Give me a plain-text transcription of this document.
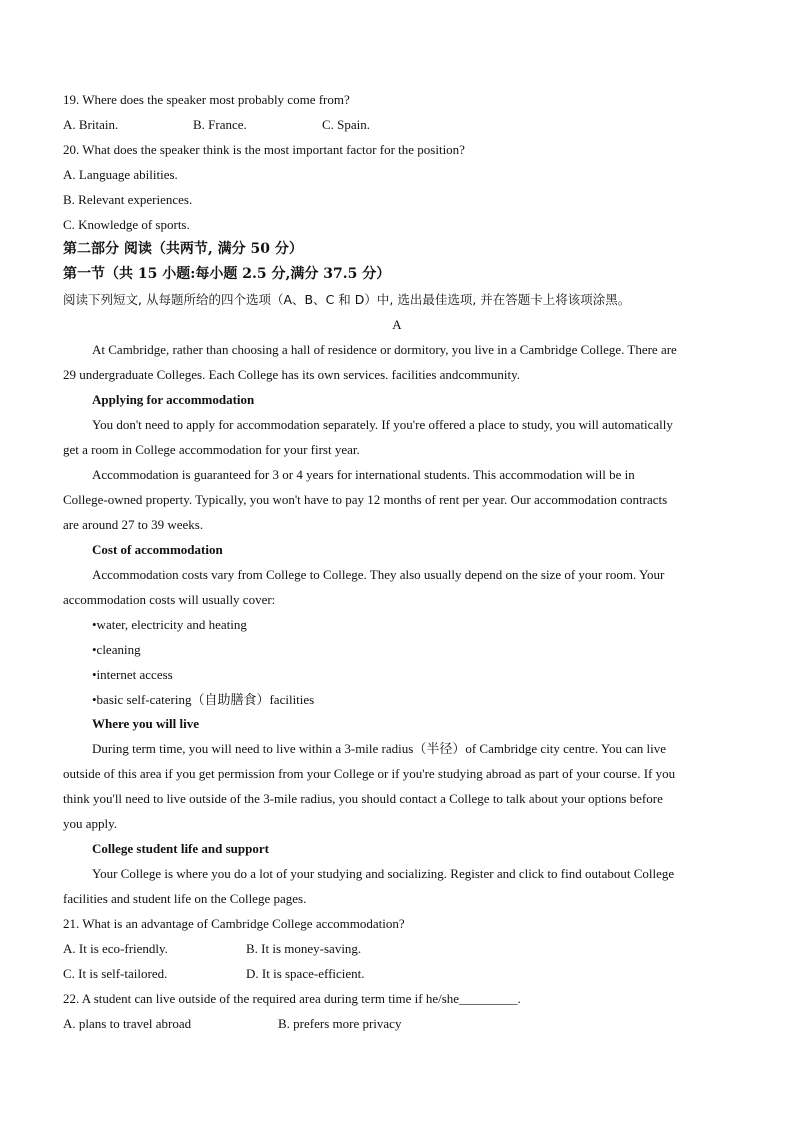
19. Where does the speaker most probably come from?
A. Britain.	B. France.	C. Spain.
20. What does the speaker think is the most important factor for the position?
A. Language abilities.
B. Relevant experiences.
C. Knowledge of sports.
第二部分 阅读（共两节, 满分 50 分）
第一节（共 15 小题:每小题 2.5 分,满分 37.5 分）
阅读下列短文, 从每题所给的四个选项（A、B、C 和 D）中, 选出最佳选项, 并在答题卡上将该项涂黑。
A
At Cambridge, rather than choosing a hall of residence or dormitory, you live in a Cambridge College. There are
29 undergraduate Colleges. Each College has its own services. facilities andcommunity.
Applying for accommodation
You don't need to apply for accommodation separately. If you're offered a place to study, you will automatically
get a room in College accommodation for your first year.
Accommodation is guaranteed for 3 or 4 years for international students. This accommodation will be in
College-owned property. Typically, you won't have to pay 12 months of rent per year. Our accommodation contracts
are around 27 to 39 weeks.
Cost of accommodation
Accommodation costs vary from College to College. They also usually depend on the size of your room. Your
accommodation costs will usually cover:
•water, electricity and heating
•cleaning
•internet access
•basic self-catering（自助膳食）facilities
Where you will live
During term time, you will need to live within a 3-mile radius（半径）of Cambridge city centre. You can live
outside of this area if you get permission from your College or if you're studying abroad as part of your course. If you
think you'll need to live outside of the 3-mile radius, you should contact a College to talk about your options before
you apply.
College student life and support
Your College is where you do a lot of your studying and socializing. Register and click to find outabout College
facilities and student life on the College pages.
21. What is an advantage of Cambridge College accommodation?
A. It is eco-friendly.	B. It is money-saving.
C. It is self-tailored.	D. It is space-efficient.
22. A student can live outside of the required area during term time if he/she_________.
A. plans to travel abroad	B. prefers more privacy
